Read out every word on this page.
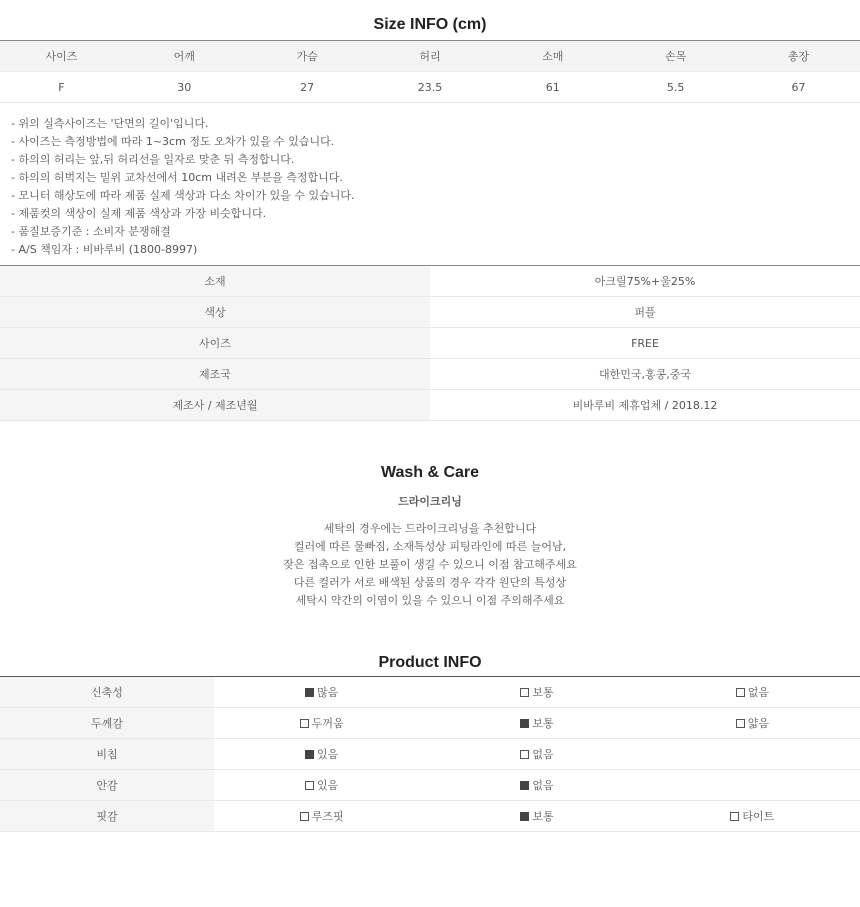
Size INFO (cm)
사이즈	어깨	가슴	허리	소매	손목	총장
F	30	27	23.5	61	5.5	67
- 위의 실측사이즈는 '단면의 길이'입니다.
- 사이즈는 측정방법에 따라 1~3cm 정도 오차가 있을 수 있습니다.
- 하의의 허리는 앞,뒤 허리선을 일자로 맞춘 뒤 측정합니다.
- 하의의 허벅지는 밑위 교차선에서 10cm 내려온 부분을 측정합니다.
- 모니터 해상도에 따라 제품 실제 색상과 다소 차이가 있을 수 있습니다.
- 제품컷의 색상이 실제 제품 색상과 가장 비슷합니다.
- 품질보증기준 : 소비자 분쟁해결
- A/S 책임자 : 비바루비 (1800-8997)
소재	아크릴75%+울25%
색상	퍼플
사이즈	FREE
제조국	대한민국,홍콩,중국
제조사 / 제조년월	비바루비 제휴업체 / 2018.12
Wash & Care
드라이크리닝
세탁의 경우에는 드라이크리닝을 추천합니다
컬러에 따른 물빠짐, 소재특성상 피팅라인에 따른 늘어남,
잦은 접촉으로 인한 보풀이 생길 수 있으니 이점 참고해주세요
다른 컬러가 서로 배색된 상품의 경우 각각 원단의 특성상
세탁시 약간의 이염이 있을 수 있으니 이점 주의해주세요
Product INFO
신축성	많음	보통	없음

두께감	두꺼움	보통	얇음

비침	있음	없음	

안감	있음	없음	

핏감	루즈핏	보통	타이트
